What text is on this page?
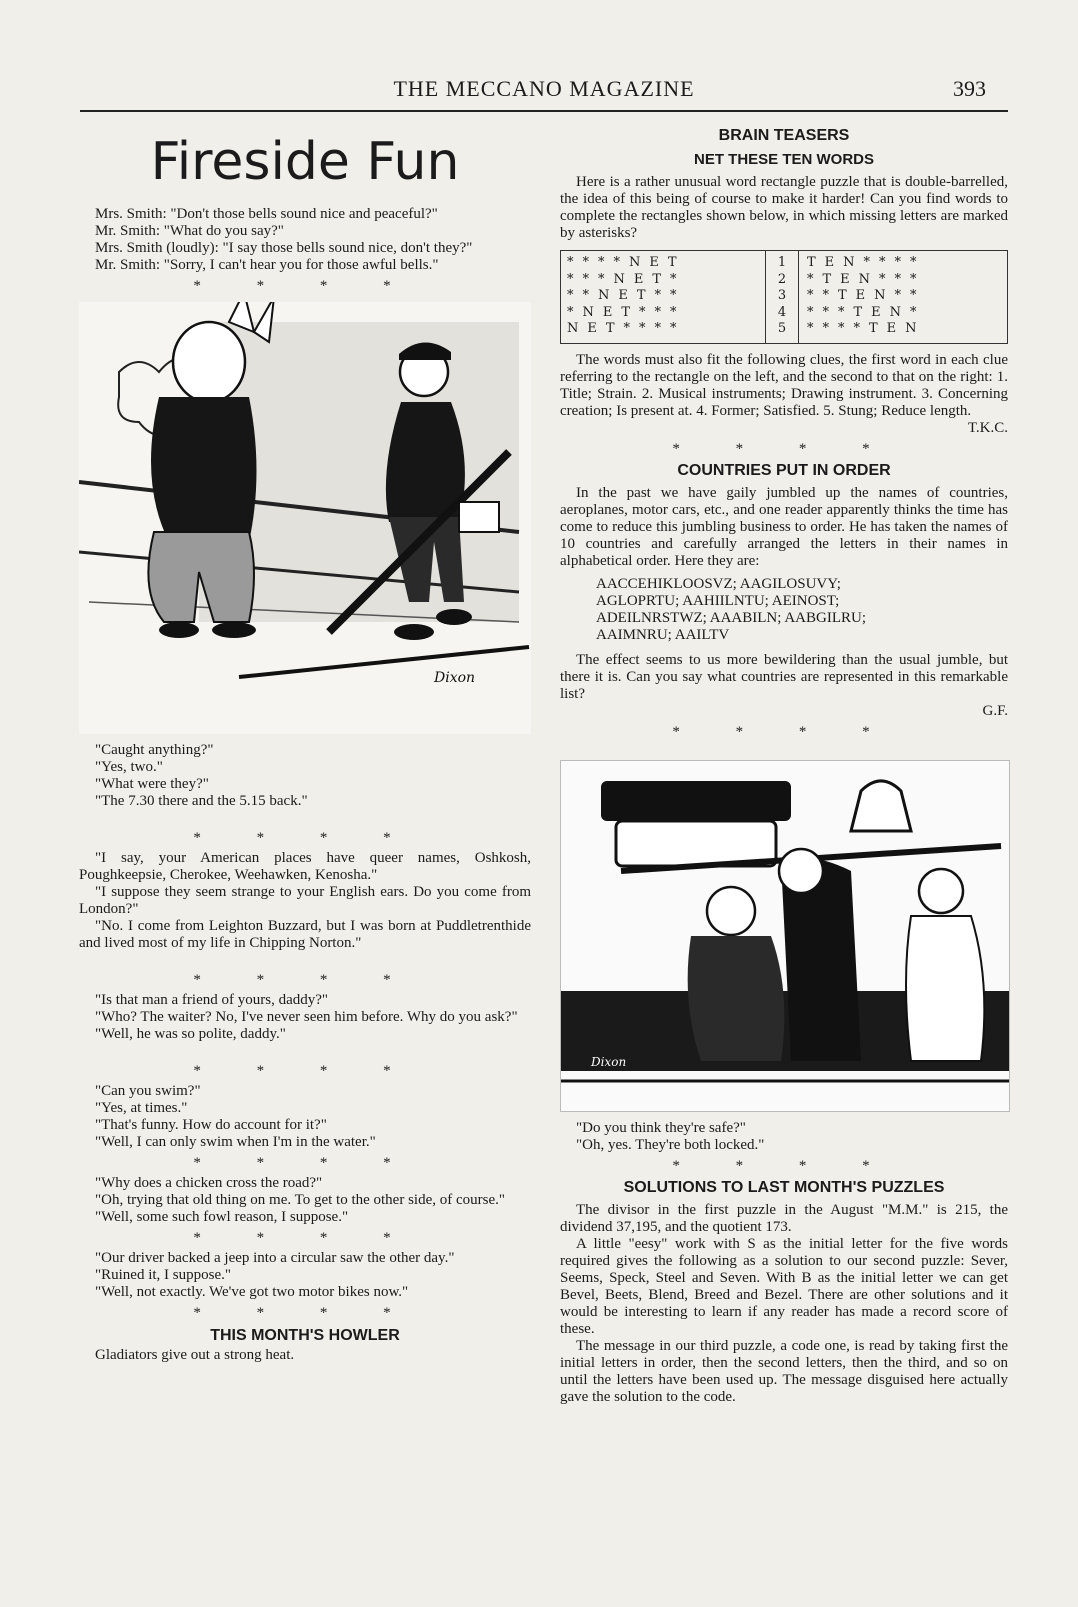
THE MECCANO MAGAZINE	393
Fireside Fun

Mrs. Smith: "Don't those bells sound nice and peaceful?"

Mr. Smith: "What do you say?"

Mrs. Smith (loudly): "I say those bells sound nice, don't they?"

Mr. Smith: "Sorry, I can't hear you for those awful bells."

* * * *
Dixon

"Caught anything?"

"Yes, two."

"What were they?"

"The 7.30 there and the 5.15 back."

* * * *

"I say, your American places have queer names, Oshkosh, Poughkeepsie, Cherokee, Weehawken, Kenosha."

"I suppose they seem strange to your English ears. Do you come from London?"

"No. I come from Leighton Buzzard, but I was born at Puddletrenthide and lived most of my life in Chipping Norton."

* * * *

"Is that man a friend of yours, daddy?"

"Who? The waiter? No, I've never seen him before. Why do you ask?"

"Well, he was so polite, daddy."

* * * *

"Can you swim?"

"Yes, at times."

"That's funny. How do account for it?"

"Well, I can only swim when I'm in the water."

* * * *

"Why does a chicken cross the road?"

"Oh, trying that old thing on me. To get to the other side, of course."

"Well, some such fowl reason, I suppose."

* * * *

"Our driver backed a jeep into a circular saw the other day."

"Ruined it, I suppose."

"Well, not exactly. We've got two motor bikes now."

* * * *
THIS MONTH'S HOWLER

Gladiators give out a strong heat.

BRAIN TEASERS
NET THESE TEN WORDS

Here is a rather unusual word rectangle puzzle that is double-barrelled, the idea of this being of course to make it harder! Can you find words to complete the rectangles shown below, in which missing letters are marked by asterisks?

****NET
***NET*
**NET**
*NET***
NET****
1
2
3
4
5
TEN****
*TEN***
**TEN**
***TEN*
****TEN

The words must also fit the following clues, the first word in each clue referring to the rectangle on the left, and the second to that on the right: 1. Title; Strain. 2. Musical instruments; Drawing instrument. 3. Concerning creation; Is present at. 4. Former; Satisfied. 5. Stung; Reduce length.

T.K.C.

* * * *
COUNTRIES PUT IN ORDER

In the past we have gaily jumbled up the names of countries, aeroplanes, motor cars, etc., and one reader apparently thinks the time has come to reduce this jumbling business to order. He has taken the names of 10 countries and carefully arranged the letters in their names in alphabetical order. Here they are:

AACCEHIKLOOSVZ; AAGILOSUVY;
AGLOPRTU; AAHIILNTU; AEINOST;
ADEILNRSTWZ; AAABILN; AABGILRU;
AAIMNRU; AAILTV

The effect seems to us more bewildering than the usual jumble, but there it is. Can you say what countries are represented in this remarkable list?

G.F.

* * * *
Dixon

"Do you think they're safe?"

"Oh, yes. They're both locked."

* * * *
SOLUTIONS TO LAST MONTH'S PUZZLES

The divisor in the first puzzle in the August "M.M." is 215, the dividend 37,195, and the quotient 173.

A little "eesy" work with S as the initial letter for the five words required gives the following as a solution to our second puzzle: Sever, Seems, Speck, Steel and Seven. With B as the initial letter we can get Bevel, Beets, Blend, Breed and Bezel. There are other solutions and it would be interesting to learn if any reader has made a record score of these.

The message in our third puzzle, a code one, is read by taking first the initial letters in order, then the second letters, then the third, and so on until the letters have been used up. The message disguised here actually gave the solution to the code.
